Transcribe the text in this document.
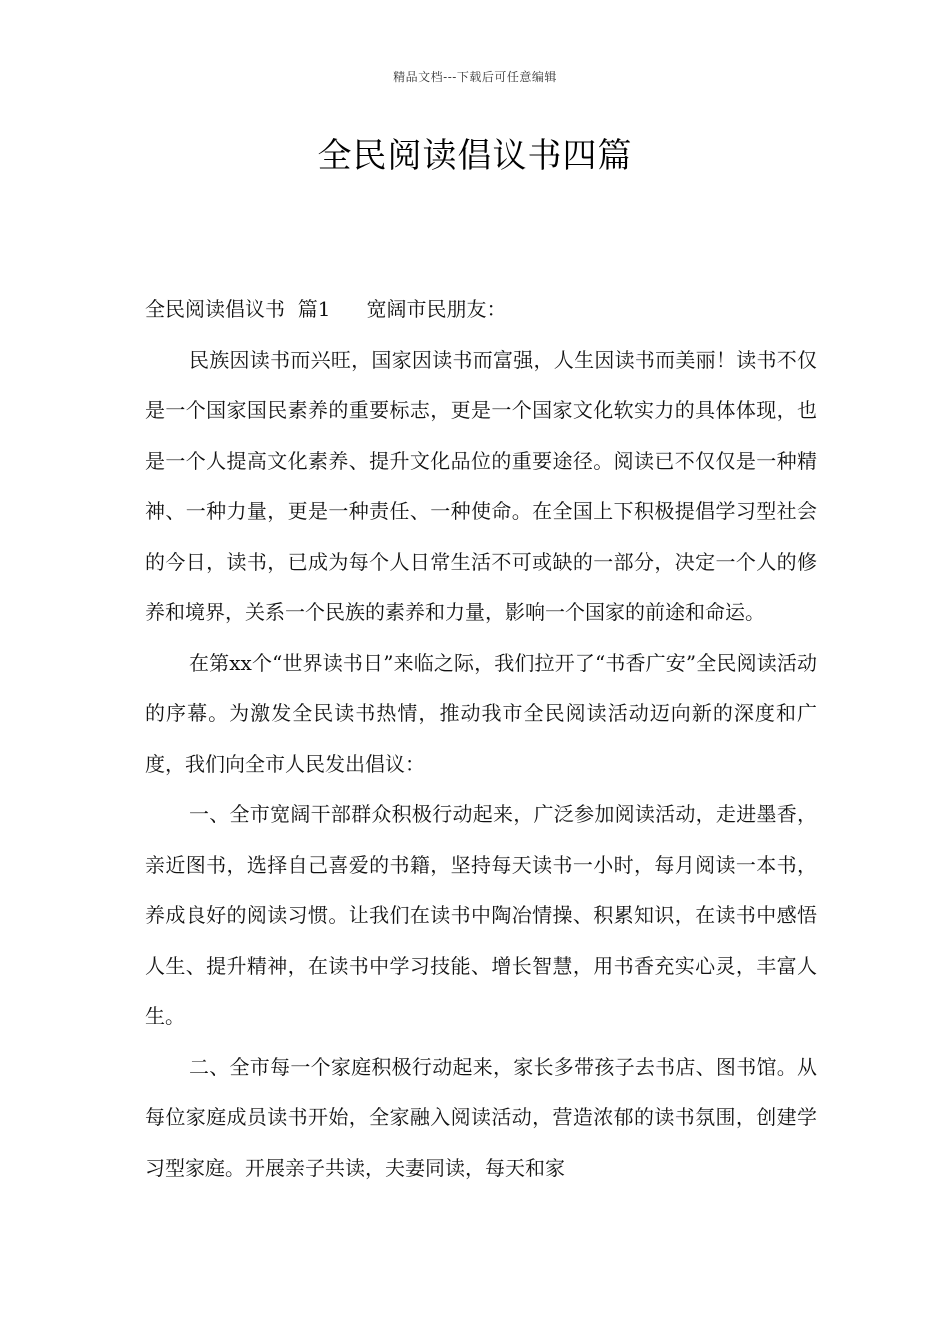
精品文档---下载后可任意编辑
全民阅读倡议书四篇

全民阅读倡议书  篇1 宽阔市民朋友：

民族因读书而兴旺，国家因读书而富强，人生因读书而美丽！读书不仅是一个国家国民素养的重要标志，更是一个国家文化软实力的具体体现，也是一个人提高文化素养、提升文化品位的重要途径。阅读已不仅仅是一种精神、一种力量，更是一种责任、一种使命。在全国上下积极提倡学习型社会的今日，读书，已成为每个人日常生活不可或缺的一部分，决定一个人的修养和境界，关系一个民族的素养和力量，影响一个国家的前途和命运。

在第xx个“世界读书日”来临之际，我们拉开了“书香广安”全民阅读活动的序幕。为激发全民读书热情，推动我市全民阅读活动迈向新的深度和广度，我们向全市人民发出倡议：

一、全市宽阔干部群众积极行动起来，广泛参加阅读活动，走进墨香，亲近图书，选择自己喜爱的书籍，坚持每天读书一小时，每月阅读一本书，养成良好的阅读习惯。让我们在读书中陶冶情操、积累知识，在读书中感悟人生、提升精神，在读书中学习技能、增长智慧，用书香充实心灵，丰富人生。

二、全市每一个家庭积极行动起来，家长多带孩子去书店、图书馆。从每位家庭成员读书开始，全家融入阅读活动，营造浓郁的读书氛围，创建学习型家庭。开展亲子共读，夫妻同读，每天和家
